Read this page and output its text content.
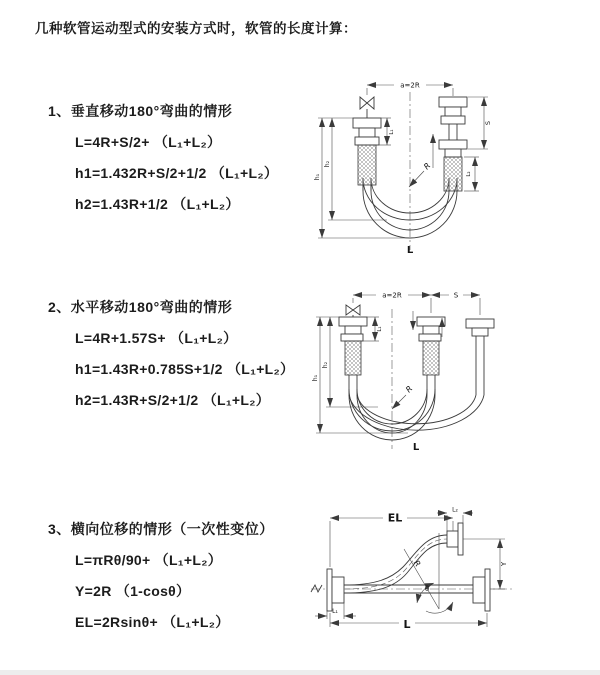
几种软管运动型式的安装方式时，软管的长度计算：
1、垂直移动180°弯曲的情形
L=4R+S/2+ （L₁+L₂）
h1=1.432R+S/2+1/2 （L₁+L₂）
h2=1.43R+1/2 （L₁+L₂）
2、水平移动180°弯曲的情形
L=4R+1.57S+ （L₁+L₂）
h1=1.43R+0.785S+1/2 （L₁+L₂）
h2=1.43R+S/2+1/2 （L₁+L₂）
3、横向位移的情形（一次性变位）
L=πRθ/90+ （L₁+L₂）
Y=2R （1-cosθ）
EL=2Rsinθ+ （L₁+L₂）
a=2R
S
L₂
L₁
h₁
h₂	R
L
a=2R	S
L₁
h₁
h₂
R
L
θ
R
EL
L₂
Y
L₁
L
